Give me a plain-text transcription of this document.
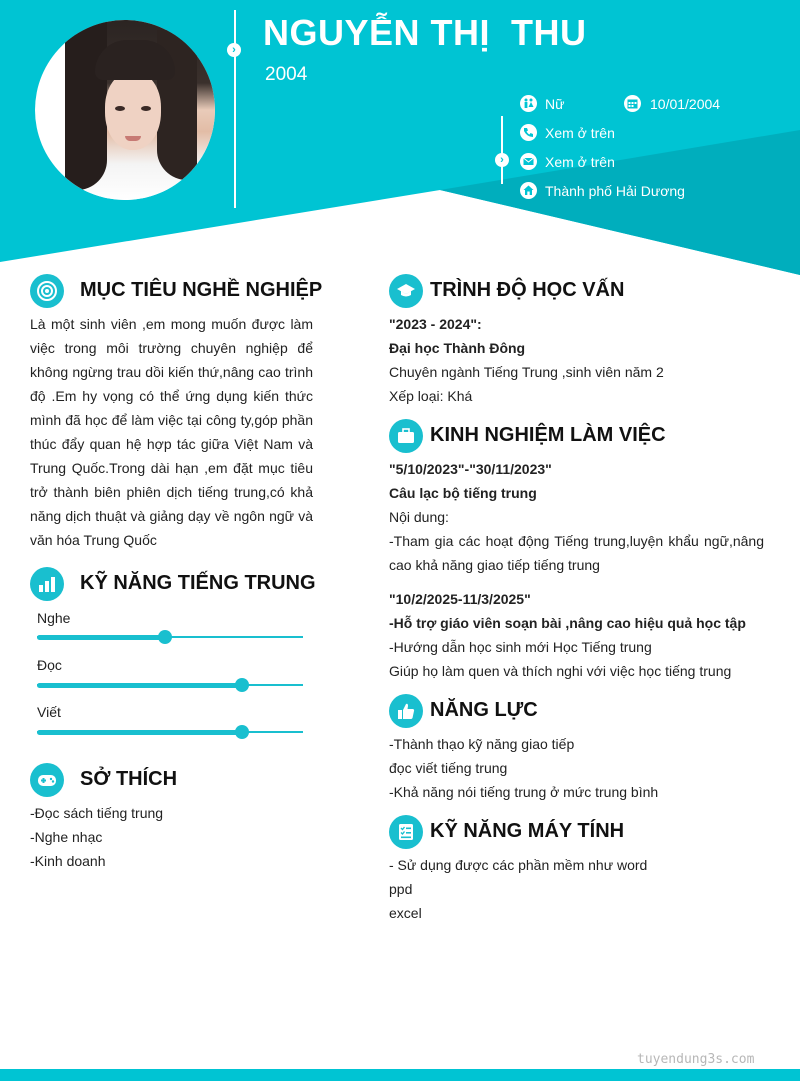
› NGUYỄN THỊ  THU
2004
›
Nữ	10/01/2004
Xem ở trên
Xem ở trên
Thành phố Hải Dương
MỤC TIÊU NGHỀ NGHIỆP
Là một sinh viên ,em mong muốn được làm việc trong môi trường chuyên nghiệp để không ngừng trau dồi kiến thứ,nâng cao trình độ .Em hy vọng có thể ứng dụng kiến thức mình đã học để làm việc tại công ty,góp phần thúc đẩy quan hệ hợp tác giữa Việt Nam và Trung Quốc.Trong dài hạn ,em đặt mục tiêu trở thành biên phiên dịch tiếng trung,có khả năng dịch thuật và giảng dạy về ngôn ngữ và văn hóa Trung Quốc
KỸ NĂNG TIẾNG TRUNG
Nghe
Đọc
Viết
SỞ THÍCH
-Đọc sách tiếng trung
-Nghe nhạc
-Kinh doanh
TRÌNH ĐỘ HỌC VẤN
"2023 - 2024":
Đại học Thành Đông
Chuyên ngành Tiếng Trung ,sinh viên năm 2
Xếp loại: Khá
KINH NGHIỆM LÀM VIỆC
"5/10/2023"-"30/11/2023"
Câu lạc bộ tiếng trung
Nội dung:
-Tham gia các hoạt động Tiếng trung,luyện khẩu ngữ,nâng cao khả năng giao tiếp tiếng trung
"10/2/2025-11/3/2025"
-Hỗ trợ giáo viên soạn bài ,nâng cao hiệu quả học tập
-Hướng dẫn học sinh mới Học Tiếng trung
Giúp họ làm quen và thích nghi với việc học tiếng trung
NĂNG LỰC
-Thành thạo kỹ năng giao tiếp
đọc viết tiếng trung
-Khả năng nói tiếng trung ở mức trung bình
KỸ NĂNG MÁY TÍNH
- Sử dụng được các phần mềm như word
ppd
excel
tuyendung3s.com
